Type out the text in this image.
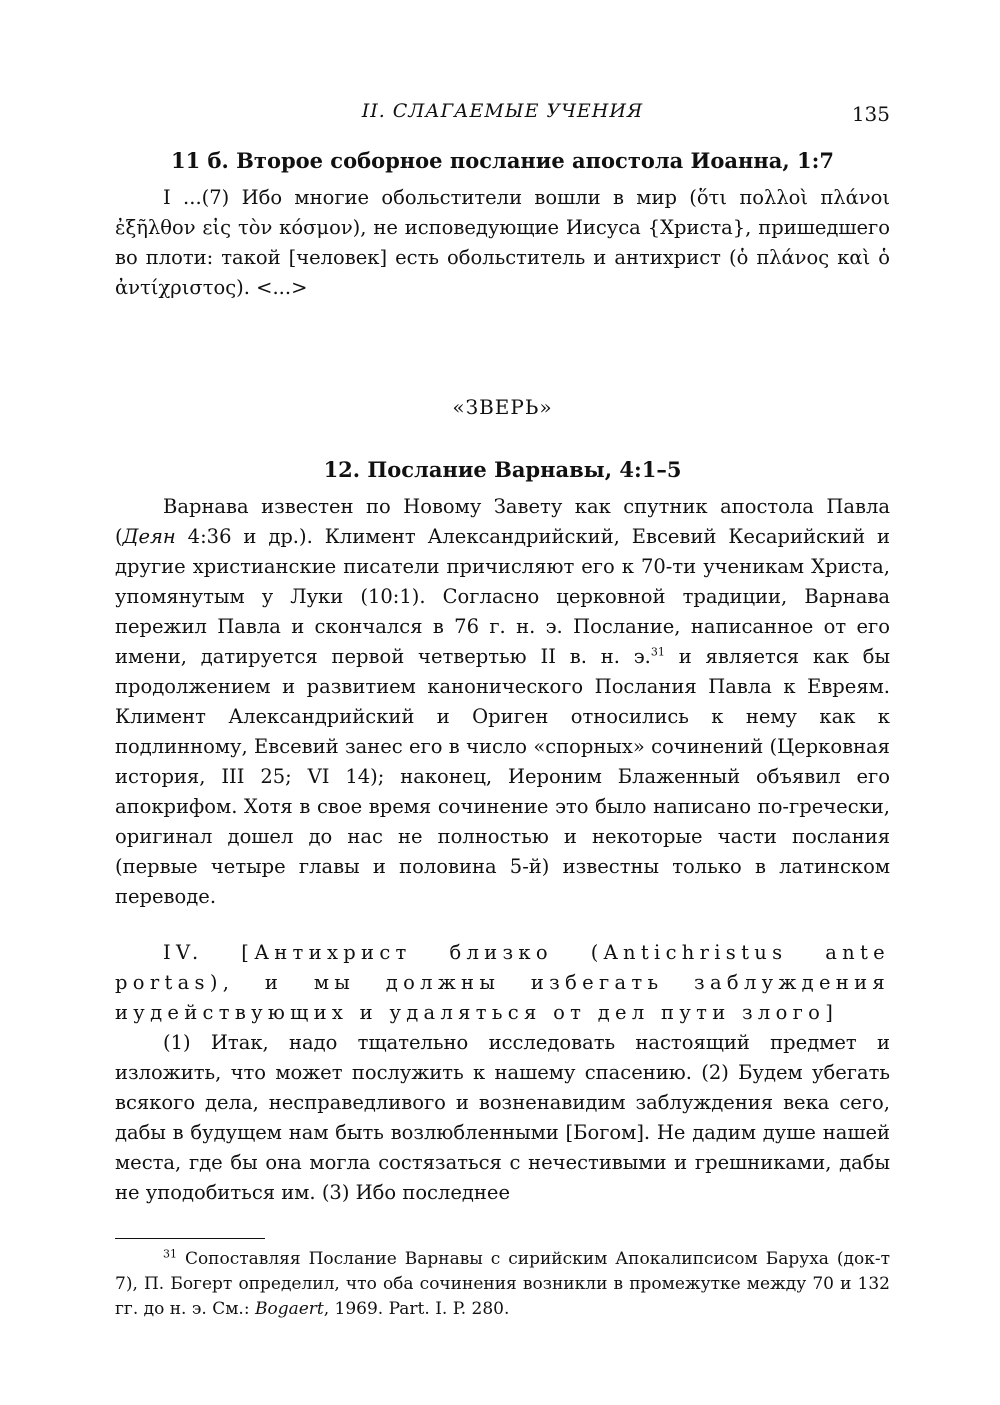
II. СЛАГАЕМЫЕ УЧЕНИЯ	135
11 б. Второе соборное послание апостола Иоанна, 1:7

I ...(7) Ибо многие обольстители вошли в мир (ὅτι πολλοὶ πλάνοι ἐξῆλθον εἰς τὸν κόσμον), не исповедующие Иисуса {Христа}, пришедшего во плоти: такой [человек] есть обольститель и антихрист (ὁ πλάνος καὶ ὁ ἀντίχριστος). <...>

«ЗВЕРЬ»
12. Послание Варнавы, 4:1–5

Варнава известен по Новому Завету как спутник апостола Павла (Деян 4:36 и др.). Климент Александрийский, Евсевий Кесарийский и другие христианские писатели причисляют его к 70-ти ученикам Христа, упомянутым у Луки (10:1). Согласно церковной традиции, Варнава пережил Павла и скончался в 76 г. н. э. Послание, написанное от его имени, датируется первой четвертью II в. н. э.$^{31}$ и является как бы продолжением и развитием канонического Послания Павла к Евреям. Климент Александрийский и Ориген относились к нему как к подлинному, Евсевий занес его в число «спорных» сочинений (Церковная история, III 25; VI 14); наконец, Иероним Блаженный объявил его апокрифом. Хотя в свое время сочинение это было написано по-гречески, оригинал дошел до нас не полностью и некоторые части послания (первые четыре главы и половина 5-й) известны только в латинском переводе.

IV. [Антихрист близко (Antichristus ante portas), и мы должны избегать заблуждения иудействующих и удаляться от дел пути злого]

(1) Итак, надо тщательно исследовать настоящий предмет и изложить, что может послужить к нашему спасению. (2) Будем убегать всякого дела, несправедливого и возненавидим заблуждения века сего, дабы в будущем нам быть возлюбленными [Богом]. Не дадим душе нашей места, где бы она могла состязаться с нечестивыми и грешниками, дабы не уподобиться им. (3) Ибо последнее

$^{31}$ Сопоставляя Послание Варнавы с сирийским Апокалипсисом Баруха (док-т 7), П. Богерт определил, что оба сочинения возникли в промежутке между 70 и 132 гг. до н. э. См.: Bogaert, 1969. Part. I. P. 280.
